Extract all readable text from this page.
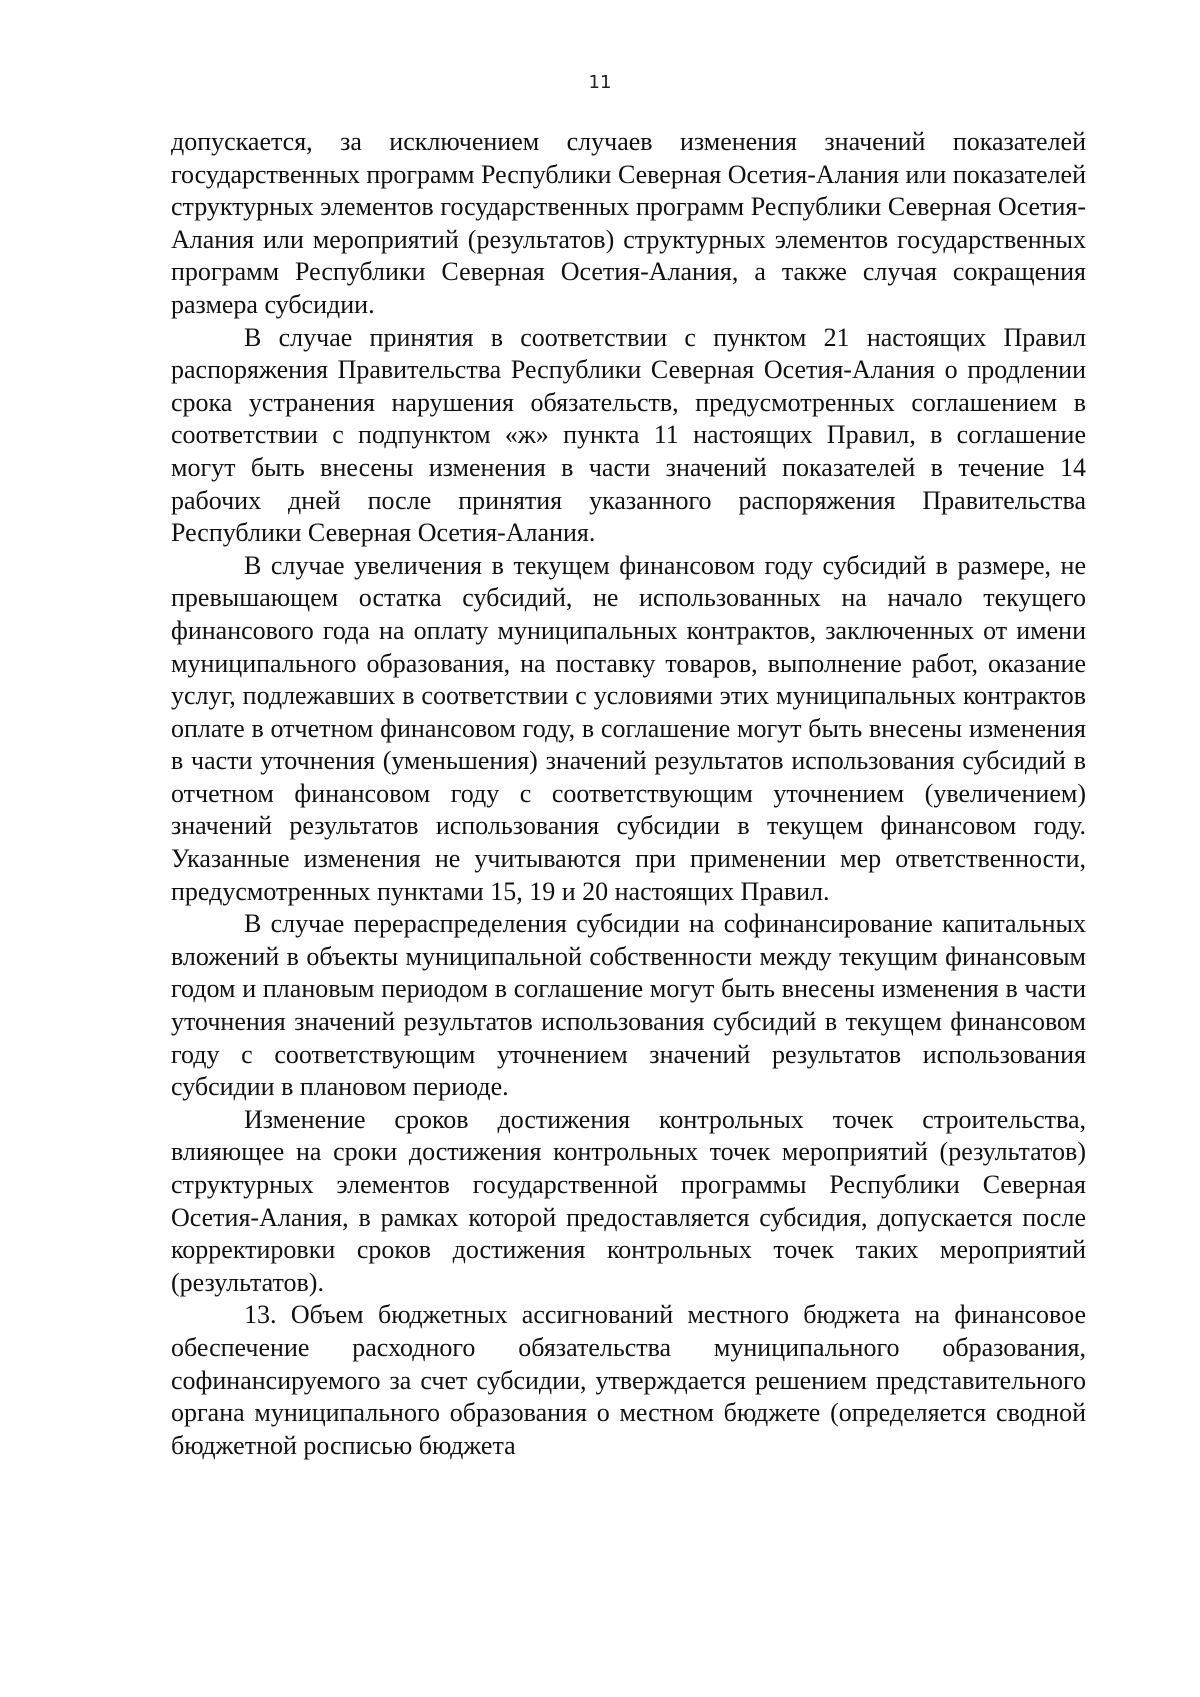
11

допускается, за исключением случаев изменения значений показателей государственных программ Республики Северная Осетия-Алания или показателей структурных элементов государственных программ Республики Северная Осетия-Алания или мероприятий (результатов) структурных элементов государственных программ Республики Северная Осетия-Алания, а также случая сокращения размера субсидии.

В случае принятия в соответствии с пунктом 21 настоящих Правил распоряжения Правительства Республики Северная Осетия-Алания о продлении срока устранения нарушения обязательств, предусмотренных соглашением в соответствии с подпунктом «ж» пункта 11 настоящих Правил, в соглашение могут быть внесены изменения в части значений показателей в течение 14 рабочих дней после принятия указанного распоряжения Правительства Республики Северная Осетия-Алания.

В случае увеличения в текущем финансовом году субсидий в размере, не превышающем остатка субсидий, не использованных на начало текущего финансового года на оплату муниципальных контрактов, заключенных от имени муниципального образования, на поставку товаров, выполнение работ, оказание услуг, подлежавших в соответствии с условиями этих муниципальных контрактов оплате в отчетном финансовом году, в соглашение могут быть внесены изменения в части уточнения (уменьшения) значений результатов использования субсидий в отчетном финансовом году с соответствующим уточнением (увеличением) значений результатов использования субсидии в текущем финансовом году. Указанные изменения не учитываются при применении мер ответственности, предусмотренных пунктами 15, 19 и 20 настоящих Правил.

В случае перераспределения субсидии на софинансирование капитальных вложений в объекты муниципальной собственности между текущим финансовым годом и плановым периодом в соглашение могут быть внесены изменения в части уточнения значений результатов использования субсидий в текущем финансовом году с соответствующим уточнением значений результатов использования субсидии в плановом периоде.

Изменение сроков достижения контрольных точек строительства, влияющее на сроки достижения контрольных точек мероприятий (результатов) структурных элементов государственной программы Республики Северная Осетия-Алания, в рамках которой предоставляется субсидия, допускается после корректировки сроков достижения контрольных точек таких мероприятий (результатов).

13. Объем бюджетных ассигнований местного бюджета на финансовое обеспечение расходного обязательства муниципального образования, софинансируемого за счет субсидии, утверждается решением представительного органа муниципального образования о местном бюджете (определяется сводной бюджетной росписью бюджета
